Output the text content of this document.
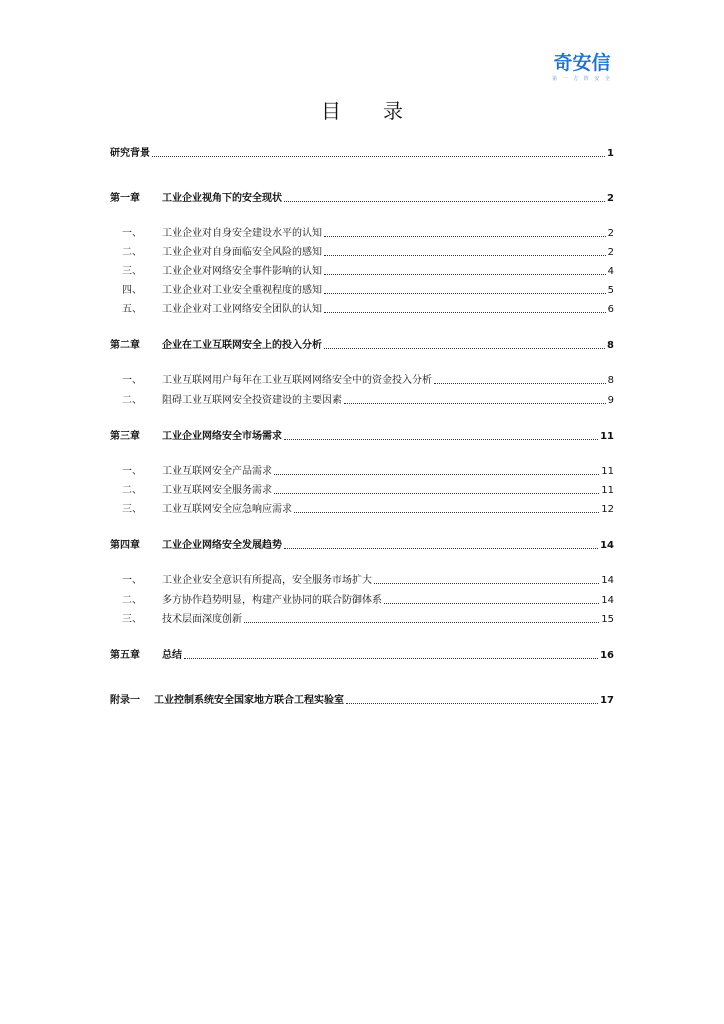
奇安信
第 一 方 阵 安 全
目录
研究背景	1
第一章	工业企业视角下的安全现状	2
一、	工业企业对自身安全建设水平的认知	2
二、	工业企业对自身面临安全风险的感知	2
三、	工业企业对网络安全事件影响的认知	4
四、	工业企业对工业安全重视程度的感知	5
五、	工业企业对工业网络安全团队的认知	6
第二章	企业在工业互联网安全上的投入分析	8
一、	工业互联网用户每年在工业互联网网络安全中的资金投入分析	8
二、	阻碍工业互联网安全投资建设的主要因素	9
第三章	工业企业网络安全市场需求	11
一、	工业互联网安全产品需求	11
二、	工业互联网安全服务需求	11
三、	工业互联网安全应急响应需求	12
第四章	工业企业网络安全发展趋势	14
一、	工业企业安全意识有所提高，安全服务市场扩大	14
二、	多方协作趋势明显，构建产业协同的联合防御体系	14
三、	技术层面深度创新	15
第五章	总结	16
附录一	工业控制系统安全国家地方联合工程实验室	17
